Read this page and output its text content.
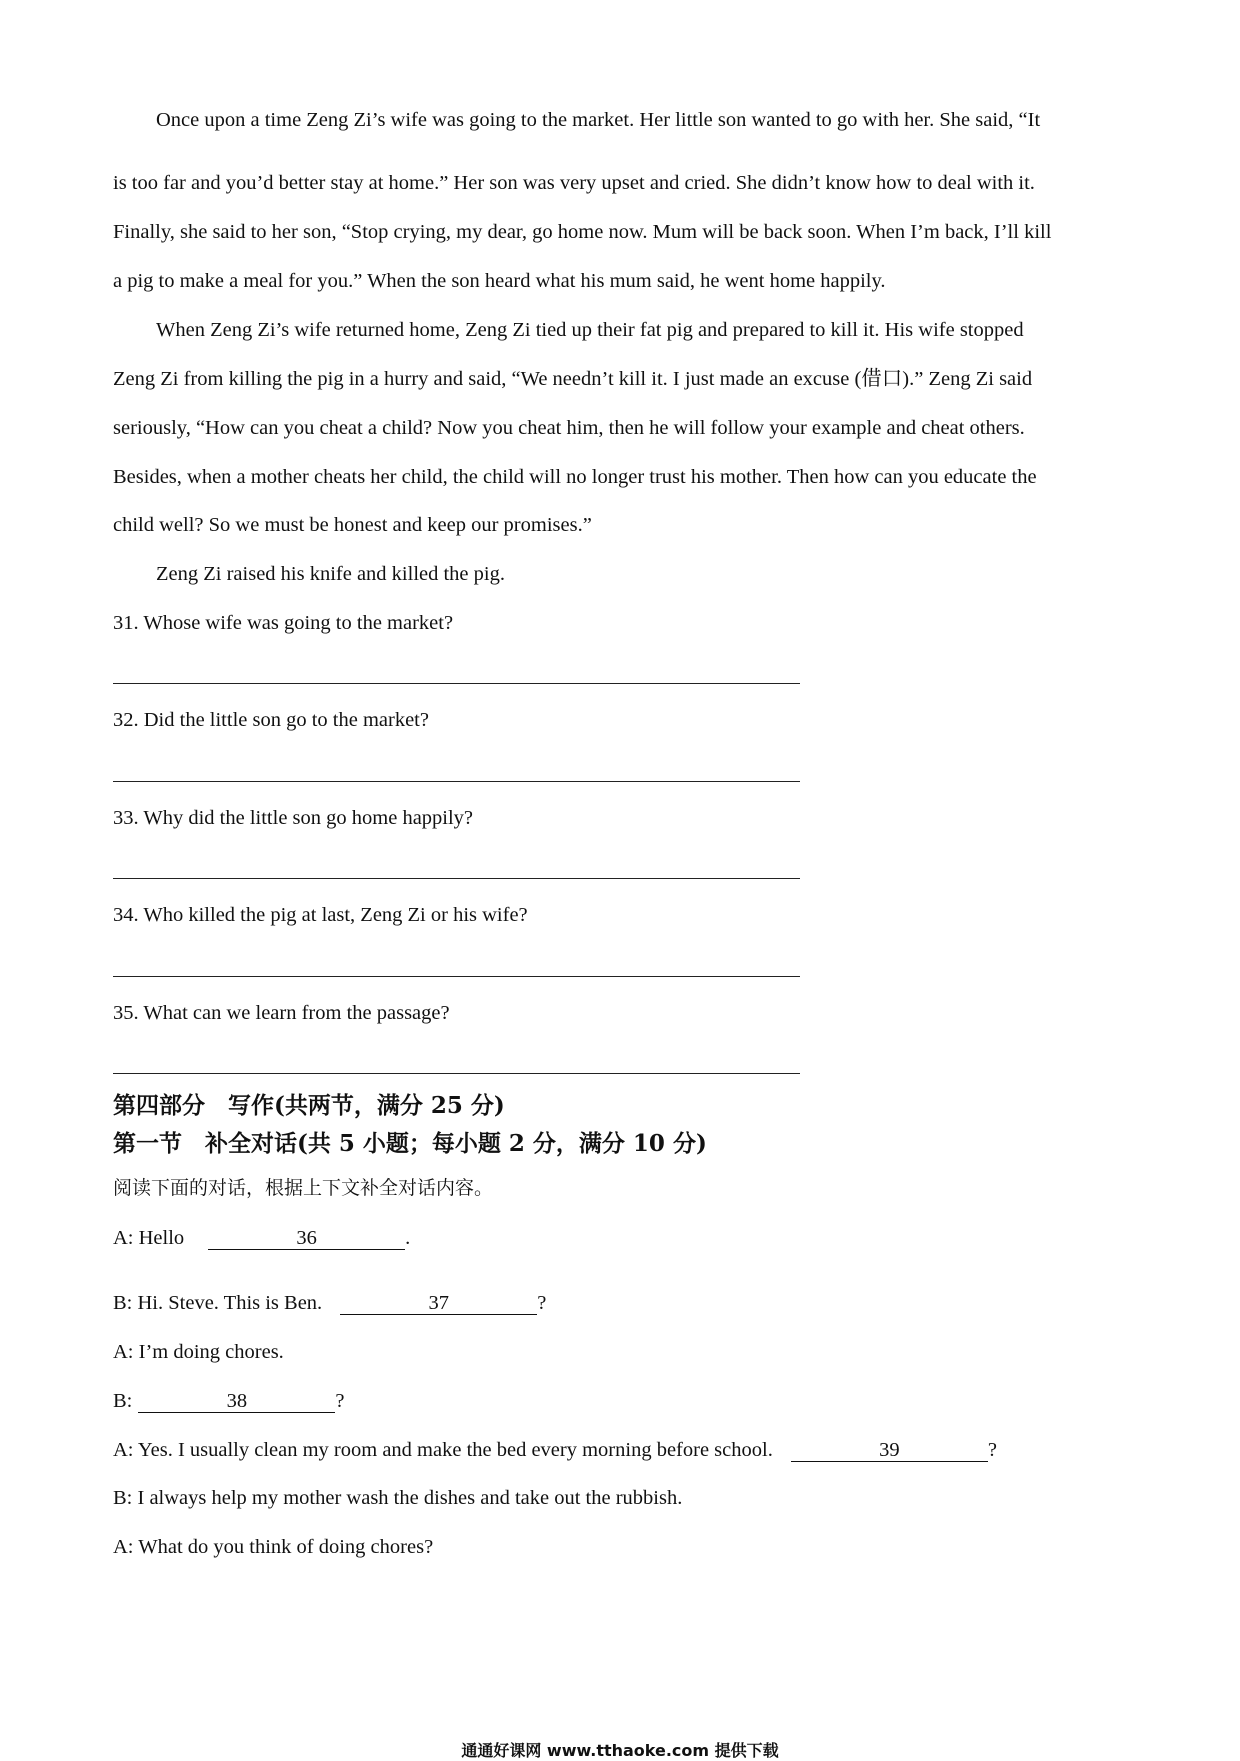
Once upon a time Zeng Zi’s wife was going to the market. Her little son wanted to go with her. She said, “It
is too far and you’d better stay at home.” Her son was very upset and cried. She didn’t know how to deal with it.
Finally, she said to her son, “Stop crying, my dear, go home now. Mum will be back soon. When I’m back, I’ll kill
a pig to make a meal for you.” When the son heard what his mum said, he went home happily.
When Zeng Zi’s wife returned home, Zeng Zi tied up their fat pig and prepared to kill it. His wife stopped
Zeng Zi from killing the pig in a hurry and said, “We needn’t kill it. I just made an excuse (借口).” Zeng Zi said
seriously, “How can you cheat a child? Now you cheat him, then he will follow your example and cheat others.
Besides, when a mother cheats her child, the child will no longer trust his mother. Then how can you educate the
child well? So we must be honest and keep our promises.”
Zeng Zi raised his knife and killed the pig.
31. Whose wife was going to the market?
32. Did the little son go to the market?
33. Why did the little son go home happily?
34. Who killed the pig at last, Zeng Zi or his wife?
35. What can we learn from the passage?
第四部分　写作(共两节，满分 25 分)
第一节　补全对话(共 5 小题；每小题 2 分，满分 10 分)
阅读下面的对话，根据上下文补全对话内容。
A: Hello	36	.
B: Hi. Steve. This is Ben.	37	?
A: I’m doing chores.
B:	38	?
A: Yes. I usually clean my room and make the bed every morning before school.	39	?
B: I always help my mother wash the dishes and take out the rubbish.
A: What do you think of doing chores?
通通好课网 www.tthaoke.com 提供下载
